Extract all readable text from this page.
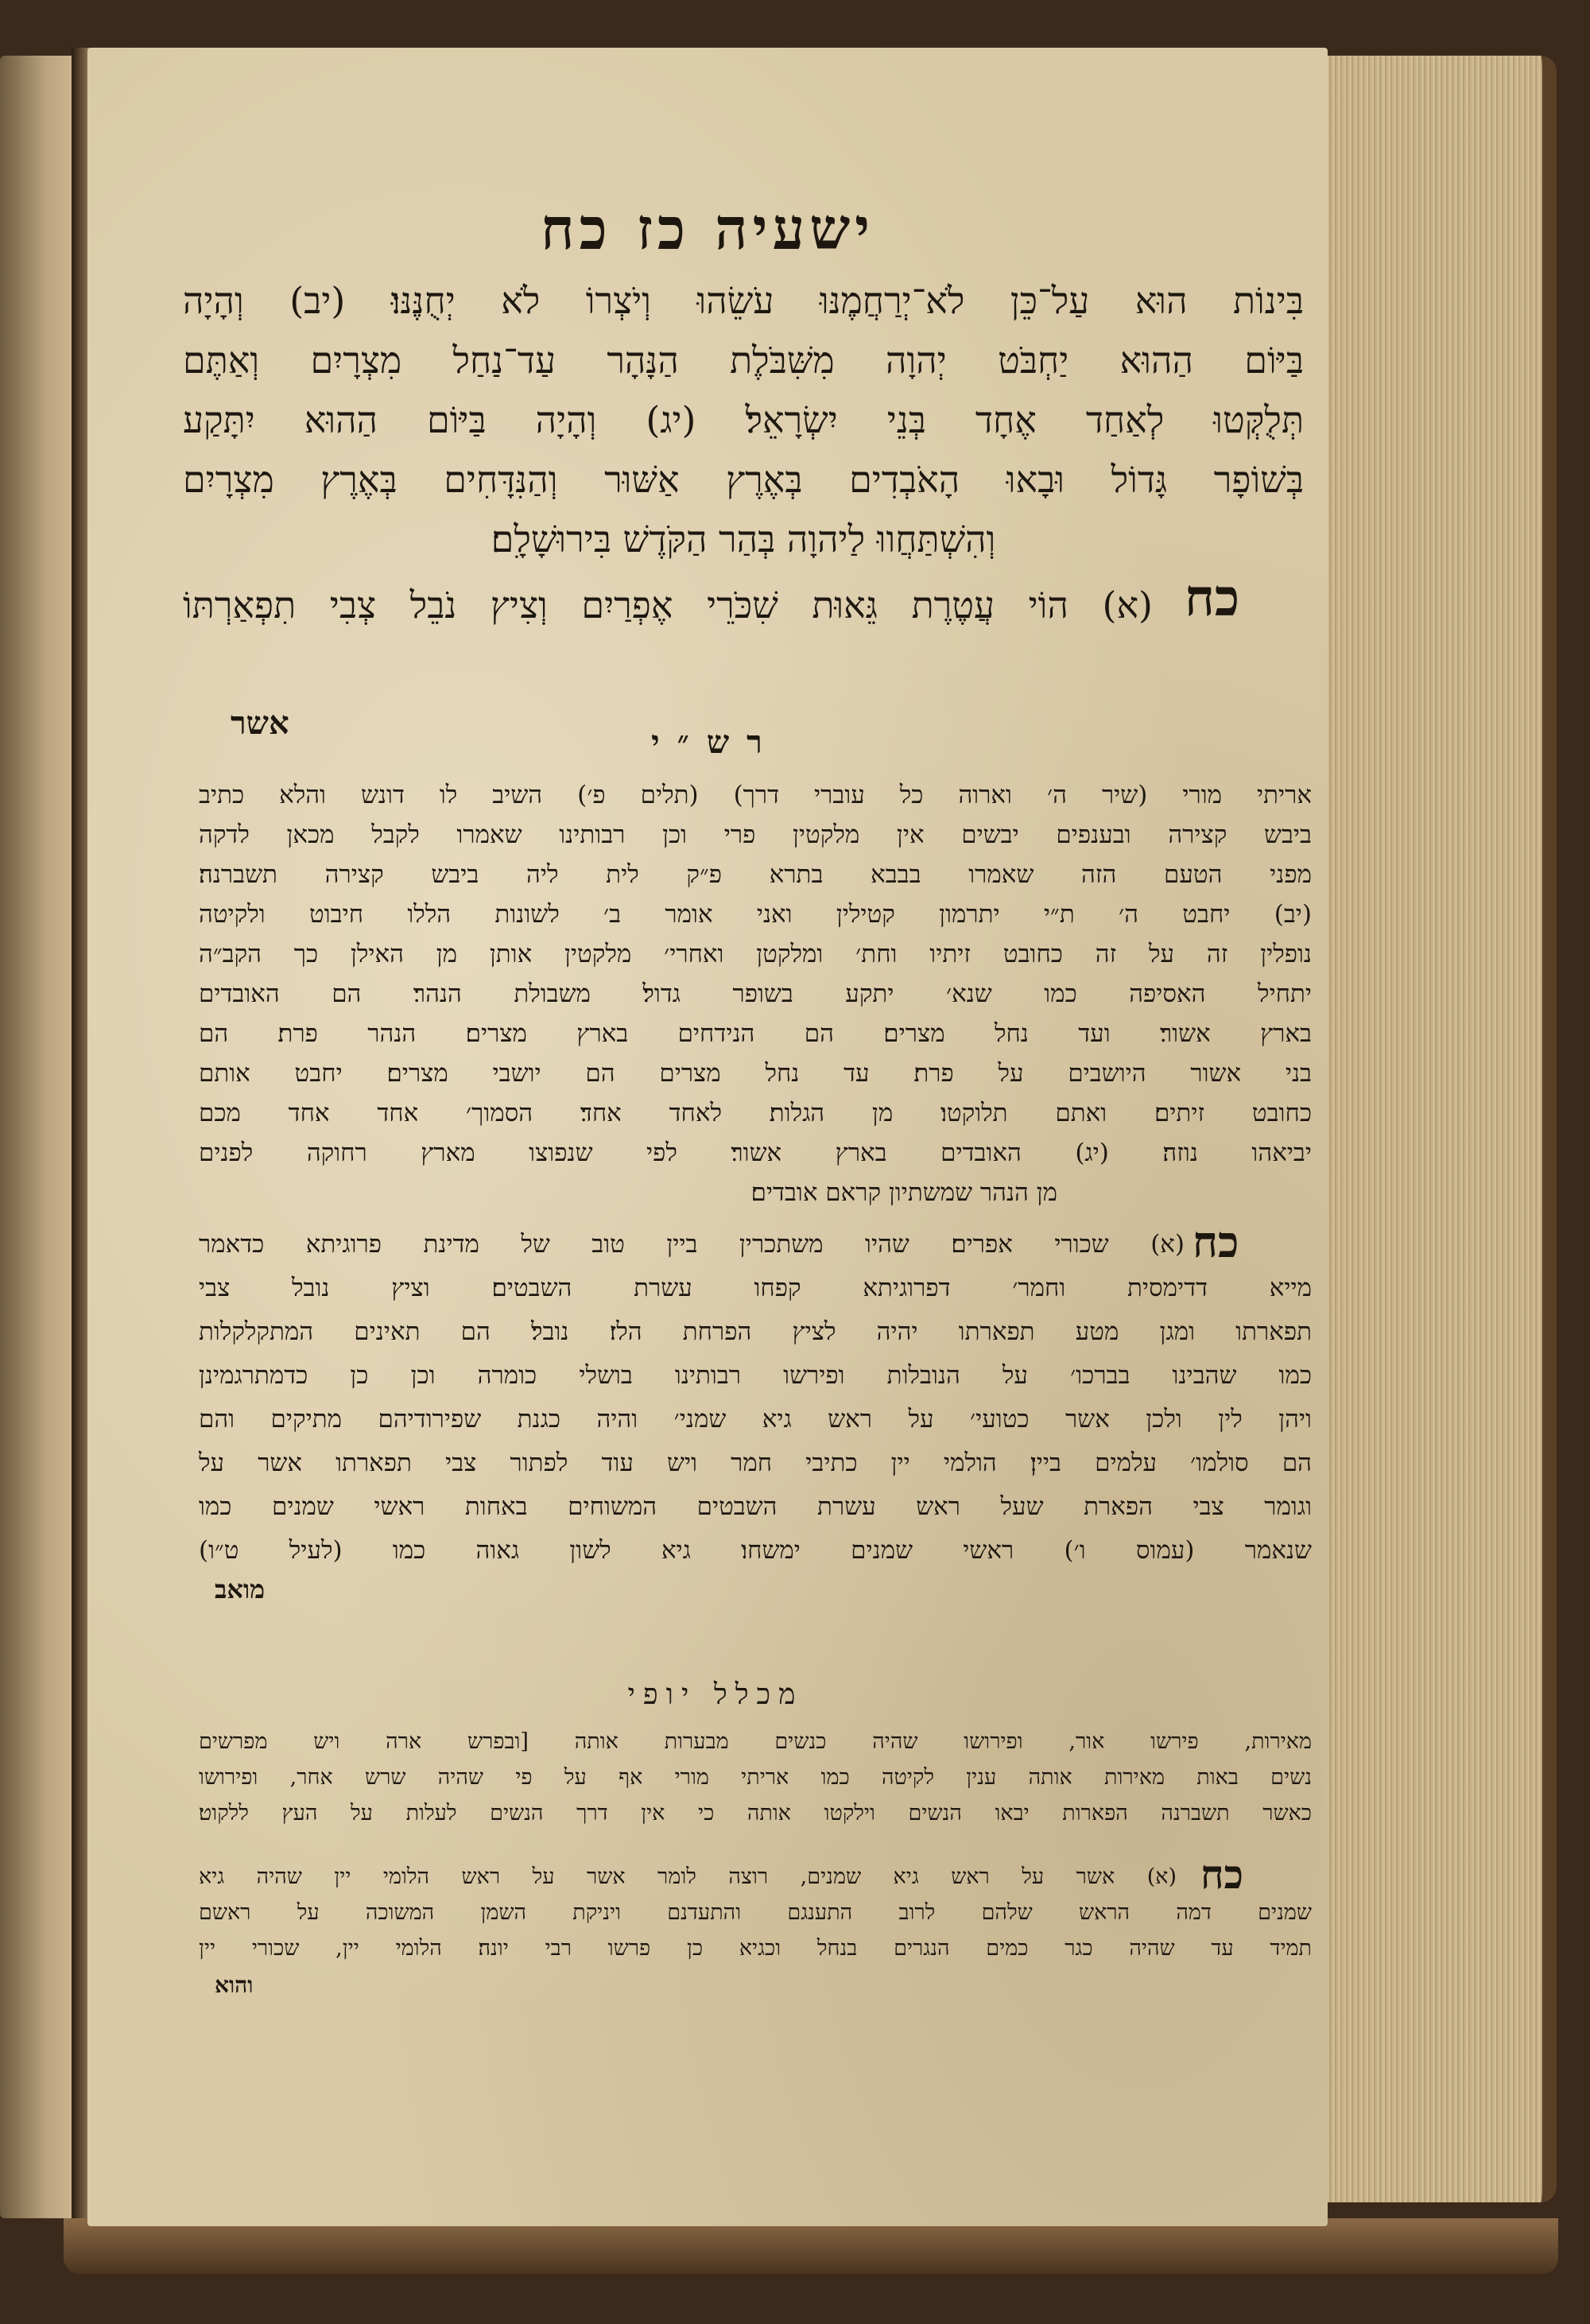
ישעיה כז כח
בִּינוֹת הוּא עַל־כֵּן לֹא־יְרַחֲמֶנּוּ עֹשֵׂהוּ וְיֹצְרוֹ לֹא יְחֻנֶּנּוּ׃ (יב) וְהָיָה
בַּיּוֹם הַהוּא יַחְבֹּט יְהוָה מִשִּׁבֹּלֶת הַנָּהָר עַד־נַחַל מִצְרָיִם וְאַתֶּם
תְּלֻקְּטוּ לְאַחַד אֶחָד בְּנֵי יִשְׂרָאֵל׃ (יג) וְהָיָה בַּיּוֹם הַהוּא יִתָּקַע
בְּשׁוֹפָר גָּדוֹל וּבָאוּ הָאֹבְדִים בְּאֶרֶץ אַשּׁוּר וְהַנִּדָּחִים בְּאֶרֶץ מִצְרָיִם
וְהִשְׁתַּחֲווּ לַיהוָה בְּהַר הַקֹּדֶשׁ בִּירוּשָׁלִָם׃
כח
(א) הוֹי עֲטֶרֶת גֵּאוּת שִׁכֹּרֵי אֶפְרַיִם וְצִיץ נֹבֵל צְבִי תִפְאַרְתּוֹ
אשר
רש״י
אריתי מורי (שיר ה׳ וארוה כל עוברי דרך) (תלים פ׳) השיב לו דונש והלא כתיב
ביבש קצירה ובענפים יבשים אין מלקטין פרי וכן רבותינו שאמרו לקבל מכאן לדקה
מפני הטעם הזה שאמרו בבבא בתרא פ״ק לית ליה ביבש קצירה תשברנה׃
(יב) יחבט ה׳ ת״י יתרמון קטילין ואני אומר ב׳ לשונות הללו חיבוט ולקיטה
נופלין זה על זה כחובט זיתיו וחת׳ ומלקטן ואחרי׳ מלקטין אותן מן האילן כך הקב״ה
יתחיל האסיפה כמו שנא׳ יתקע בשופר גדול׃ משבולת הנהר׃ הם האובדים
בארץ אשור׃ ועד נחל מצרים׃ הם הנידחים בארץ מצרים׃ הנהר פרת׃ הם
בני אשור היושבים על פרת׃ עד נחל מצרים הם יושבי מצרים׃ יחבט אותם
כחובט זיתים׃ ואתם תלוקטו׃ מן הגלות׃ לאחד אחד׃ הסמוך׳ אחד אחד מכם
יביאהו נוזה׃ (יג) האובדים בארץ אשור׃ לפי שנפוצו מארץ רחוקה לפנים
מן הנהר שמשתיון קראם אובדים׃
כח
(א) שכורי אפרים׃ שהיו משתכרין ביין טוב של מדינת פרוגיתא כדאמר
מייא דדימסית וחמר׳ דפרוגיתא קפחו עשרת השבטים׃ וציץ נובל צבי
תפארתו ומגן מטע תפארתו יהיה לציץ הפרחת הלז׃ נובל׃ הם תאינים המתקלקלות
כמו שהבינו בברכו׳ על הנובלות ופירשו רבותינו בושלי כומרה וכן כן כדמתרגמינן
ויהן לין ולכן אשר כטועי׳ על ראש גיא שמני׳ והיה כגנת שפירודיהם מתיקים והם
הם סולמו׳ עלמים ביין׃ הולמי יין כתיבי חמר ויש עוד לפתור צבי תפארתו אשר על
וגומר צבי הפארת שעל ראש עשרת השבטים המשוחים באחות ראשי שמנים כמו
שנאמר (עמוס ו׳) ראשי שמנים ימשחו׃ גיא לשון גאוה כמו (לעיל ט״ו)
מואב
מכלל יופי
מאירות, פירשו אור, ופירושו שהיה כנשים מבערות אותה [ובפרש ארה ויש מפרשים
נשים באות מאירות אותה ענין לקיטה כמו אריתי מורי אף על פי שהיה שרש אחר, ופירושו
כאשר תשברנה הפארות יבאו הנשים וילקטו אותה כי אין דרך הנשים לעלות על העץ ללקוט׃
כח
(א) אשר על ראש גיא שמנים, רוצה לומר אשר על ראש הלומי יין שהיה גיא
שמנים דמה הראש שלהם לרוב התענגם והתעדנם ויניקת השמן המשוכה על ראשם
תמיד עד שהיה כגר כמים הנגרים בנחל וכגיא כן פרשו רבי יונה׃ הלומי יין, שכורי יין
והוא
